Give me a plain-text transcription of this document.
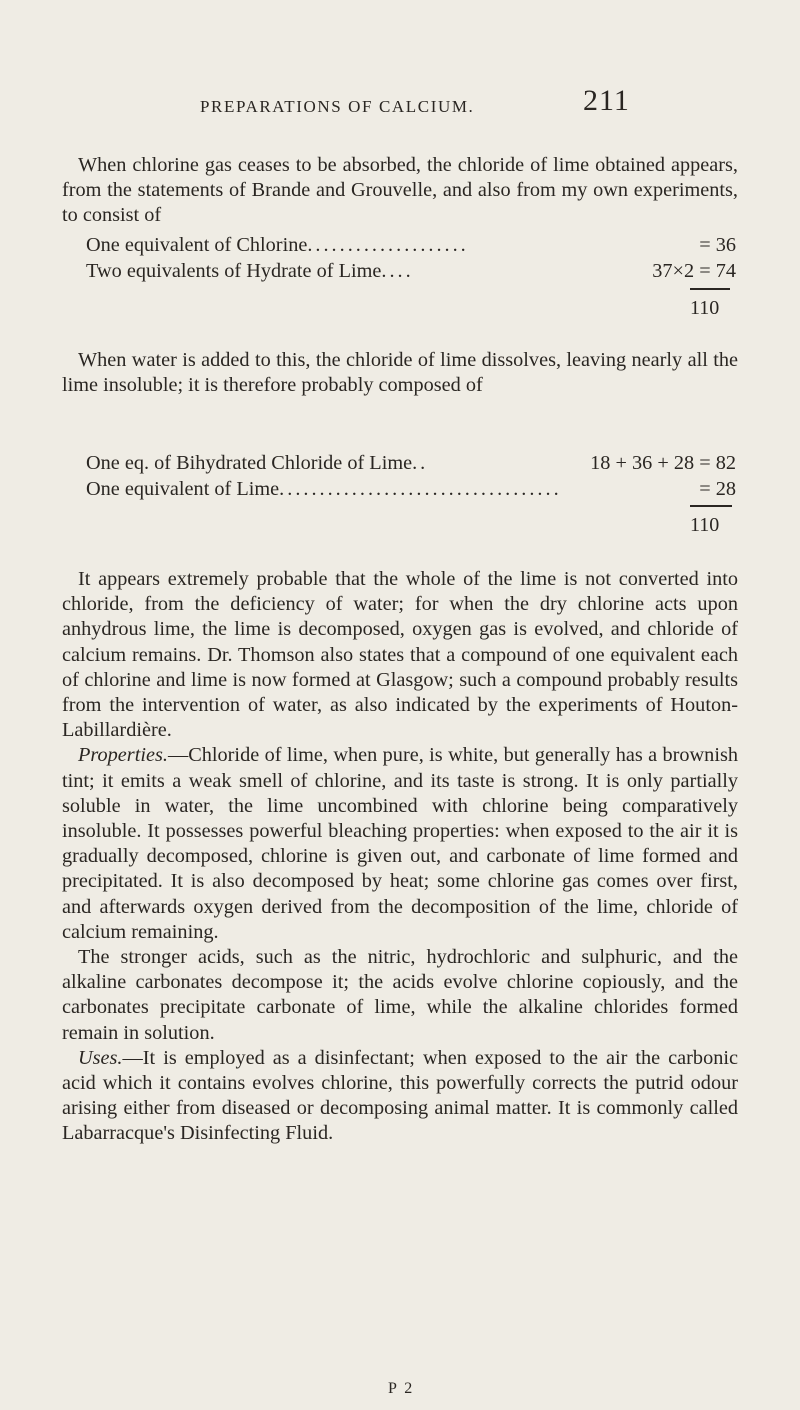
PREPARATIONS OF CALCIUM.	211

When chlorine gas ceases to be absorbed, the chloride of lime obtained appears, from the statements of Brande and Grouvelle, and also from my own experiments, to consist of

One equivalent of Chlorine ....................	= 36
Two equivalents of Hydrate of Lime ....	37×2 = 74
110

When water is added to this, the chloride of lime dissolves, leaving nearly all the lime insoluble; it is therefore probably composed of

One eq. of Bihydrated Chloride of Lime ..	18 + 36 + 28 = 82
One equivalent of Lime ...................................	= 28
110

It appears extremely probable that the whole of the lime is not converted into chloride, from the deficiency of water; for when the dry chlorine acts upon anhydrous lime, the lime is decomposed, oxygen gas is evolved, and chloride of calcium remains. Dr. Thomson also states that a compound of one equivalent each of chlorine and lime is now formed at Glasgow; such a compound probably results from the intervention of water, as also indicated by the experiments of Houton-Labillardière.

Properties.—Chloride of lime, when pure, is white, but generally has a brownish tint; it emits a weak smell of chlorine, and its taste is strong. It is only partially soluble in water, the lime uncombined with chlorine being comparatively insoluble. It possesses powerful bleaching properties: when exposed to the air it is gradually decomposed, chlorine is given out, and carbonate of lime formed and precipitated. It is also decomposed by heat; some chlorine gas comes over first, and afterwards oxygen derived from the decomposition of the lime, chloride of calcium remaining.

The stronger acids, such as the nitric, hydrochloric and sulphuric, and the alkaline carbonates decompose it; the acids evolve chlorine copiously, and the carbonates precipitate carbonate of lime, while the alkaline chlorides formed remain in solution.

Uses.—It is employed as a disinfectant; when exposed to the air the carbonic acid which it contains evolves chlorine, this powerfully corrects the putrid odour arising either from diseased or decomposing animal matter. It is commonly called Labarracque's Disinfecting Fluid.

P 2
